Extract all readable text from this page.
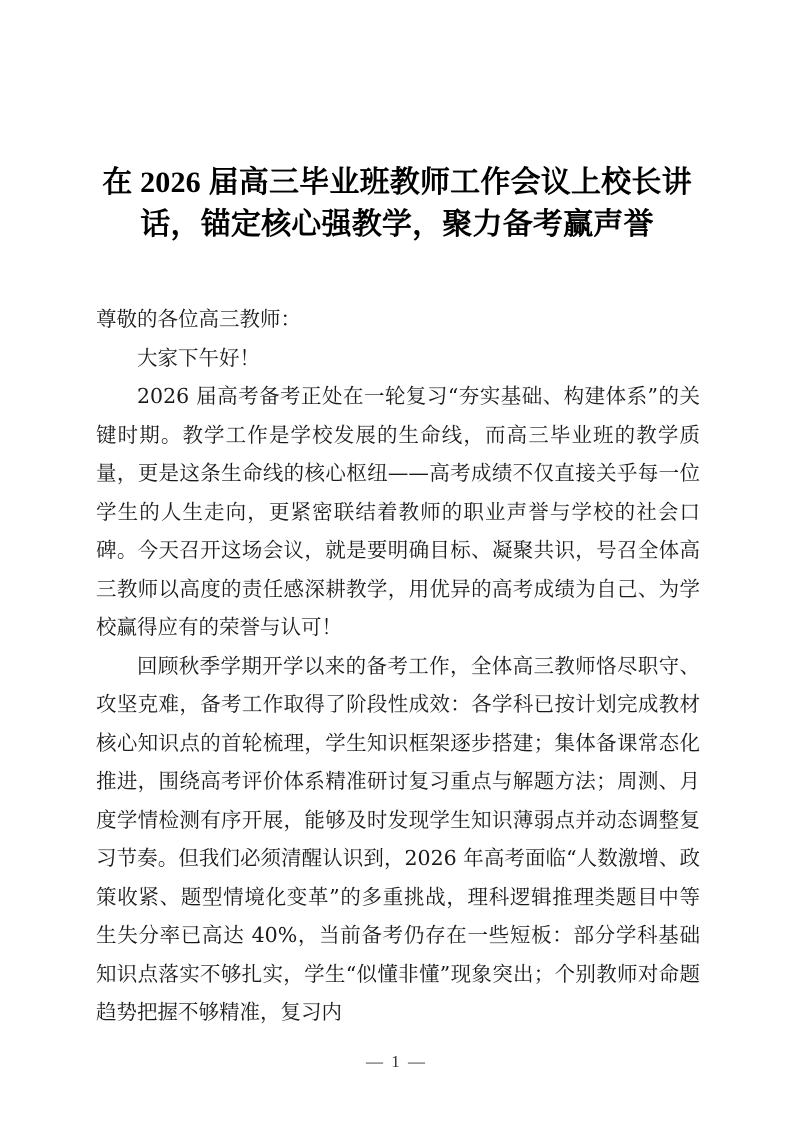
在 2026 届高三毕业班教师工作会议上校长讲话，锚定核心强教学，聚力备考赢声誉

尊敬的各位高三教师：

大家下午好！

2026 届高考备考正处在一轮复习“夯实基础、构建体系”的关键时期。教学工作是学校发展的生命线，而高三毕业班的教学质量，更是这条生命线的核心枢纽——高考成绩不仅直接关乎每一位学生的人生走向，更紧密联结着教师的职业声誉与学校的社会口碑。今天召开这场会议，就是要明确目标、凝聚共识，号召全体高三教师以高度的责任感深耕教学，用优异的高考成绩为自己、为学校赢得应有的荣誉与认可！

回顾秋季学期开学以来的备考工作，全体高三教师恪尽职守、攻坚克难，备考工作取得了阶段性成效：各学科已按计划完成教材核心知识点的首轮梳理，学生知识框架逐步搭建；集体备课常态化推进，围绕高考评价体系精准研讨复习重点与解题方法；周测、月度学情检测有序开展，能够及时发现学生知识薄弱点并动态调整复习节奏。但我们必须清醒认识到，2026 年高考面临“人数激增、政策收紧、题型情境化变革”的多重挑战，理科逻辑推理类题目中等生失分率已高达 40%，当前备考仍存在一些短板：部分学科基础知识点落实不够扎实，学生“似懂非懂”现象突出；个别教师对命题趋势把握不够精准，复习内

— 1 —
